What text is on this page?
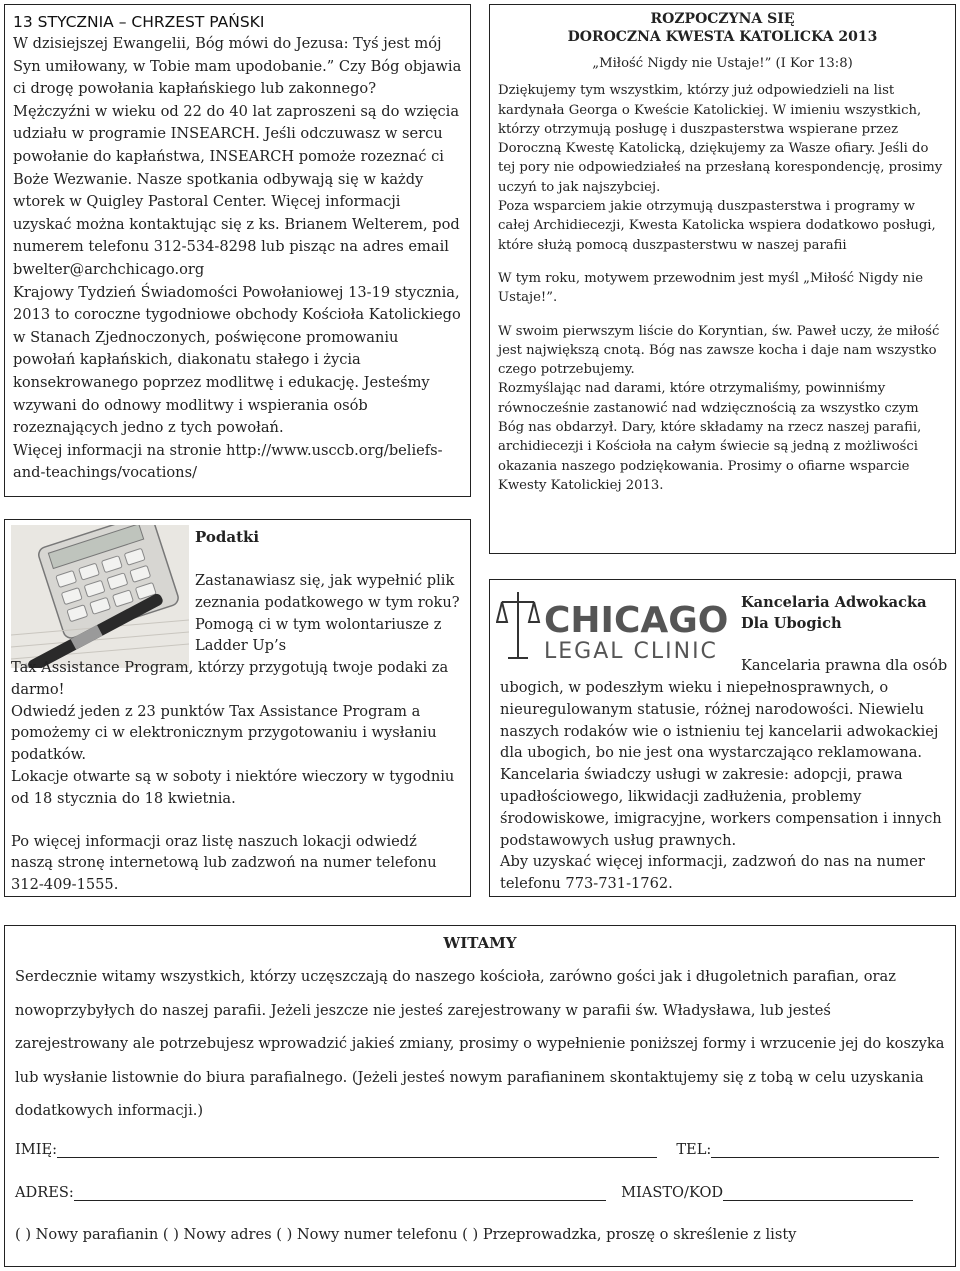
13 STYCZNIA – CHRZEST PAŃSKI

W dzisiejszej Ewangelii, Bóg mówi do Jezusa: Tyś jest mój Syn umiłowany, w Tobie mam upodobanie.” Czy Bóg objawia ci drogę powołania kapłańskiego lub zakonnego?

Mężczyźni w wieku od 22 do 40 lat zaproszeni są do wzięcia udziału w programie INSEARCH. Jeśli odczuwasz w sercu powołanie do kapłaństwa, INSEARCH pomoże rozeznać ci Boże Wezwanie. Nasze spotkania odbywają się w każdy wtorek w Quigley Pastoral Center. Więcej informacji uzyskać można kontaktując się z ks. Brianem Welterem, pod numerem telefonu 312-534-8298 lub pisząc na adres email bwelter@archchicago.org

Krajowy Tydzień Świadomości Powołaniowej 13-19 stycznia, 2013 to coroczne tygodniowe obchody Kościoła Katolickiego w Stanach Zjednoczonych, poświęcone promowaniu powołań kapłańskich, diakonatu stałego i życia konsekrowanego poprzez modlitwę i edukację. Jesteśmy wzywani do odnowy modlitwy i wspierania osób rozeznających jedno z tych powołań.

Więcej informacji na stronie http://www.usccb.org/beliefs-and-teachings/vocations/

Podatki

Zastanawiasz się, jak wypełnić plik zeznania podatkowego w tym roku? Pomogą ci w tym wolontariusze z Ladder Up’s

Tax Assistance Program, którzy przygotują twoje podaki za darmo!

Odwiedź jeden z 23 punktów Tax Assistance Program a pomożemy ci w elektronicznym przygotowaniu i wysłaniu podatków.

Lokacje otwarte są w soboty i niektóre wieczory w tygodniu od 18 stycznia do 18 kwietnia.

Po więcej informacji oraz listę naszuch lokacji odwiedź naszą stronę internetową lub zadzwoń na numer telefonu 312-409-1555.

ROZPOCZYNA SIĘ

DOROCZNA KWESTA KATOLICKA 2013

„Miłość Nigdy nie Ustaje!” (I Kor 13:8)

Dziękujemy tym wszystkim, którzy już odpowiedzieli na list kardynała Georga o Kweście Katolickiej. W imieniu wszystkich, którzy otrzymują posługę i duszpasterstwa wspierane przez Doroczną Kwestę Katolicką, dziękujemy za Wasze ofiary. Jeśli do tej pory nie odpowiedziałeś na przesłaną korespondencję, prosimy uczyń to jak najszybciej.

Poza wsparciem jakie otrzymują duszpasterstwa i programy w całej Archidiecezji, Kwesta Katolicka wspiera dodatkowo posługi, które służą pomocą duszpasterstwu w naszej parafii

W tym roku, motywem przewodnim jest myśl „Miłość Nigdy nie Ustaje!”.

W swoim pierwszym liście do Koryntian, św. Paweł uczy, że miłość jest największą cnotą. Bóg nas zawsze kocha i daje nam wszystko czego potrzebujemy.

Rozmyślając nad darami, które otrzymaliśmy, powinniśmy równocześnie zastanowić nad wdzięcznością za wszystko czym Bóg nas obdarzył. Dary, które składamy na rzecz naszej parafii, archidiecezji i Kościoła na całym świecie są jedną z możliwości okazania naszego podziękowania. Prosimy o ofiarne wsparcie Kwesty Katolickiej 2013.

CHICAGO
LEGAL CLINIC

Kancelaria Adwokacka

Dla Ubogich

Kancelaria prawna dla osób

ubogich, w podeszłym wieku i niepełnosprawnych, o nieuregulowanym statusie, różnej narodowości. Niewielu naszych rodaków wie o istnieniu tej kancelarii adwokackiej dla ubogich, bo nie jest ona wystarczająco reklamowana.

Kancelaria świadczy usługi w zakresie: adopcji, prawa upadłościowego, likwidacji zadłużenia, problemy środowiskowe, imigracyjne, workers compensation i innych podstawowych usług prawnych.

Aby uzyskać więcej informacji, zadzwoń do nas na numer telefonu 773-731-1762.

WITAMY

Serdecznie witamy wszystkich, którzy uczęszczają do naszego kościoła, zarówno gości jak i długoletnich parafian, oraz nowoprzybyłych do naszej parafii. Jeżeli jeszcze nie jesteś zarejestrowany w parafii św. Władysława, lub jesteś zarejestrowany ale potrzebujesz wprowadzić jakieś zmiany, prosimy o wypełnienie poniższej formy i wrzucenie jej do koszyka lub wysłanie listownie do biura parafialnego. (Jeżeli jesteś nowym parafianinem skontaktujemy się z tobą w celu uzyskania dodatkowych informacji.)

IMIĘ:	TEL:
ADRES:	MIASTO/KOD
( ) Nowy parafianin ( ) Nowy adres ( ) Nowy numer telefonu ( ) Przeprowadzka, proszę o skreślenie z listy
